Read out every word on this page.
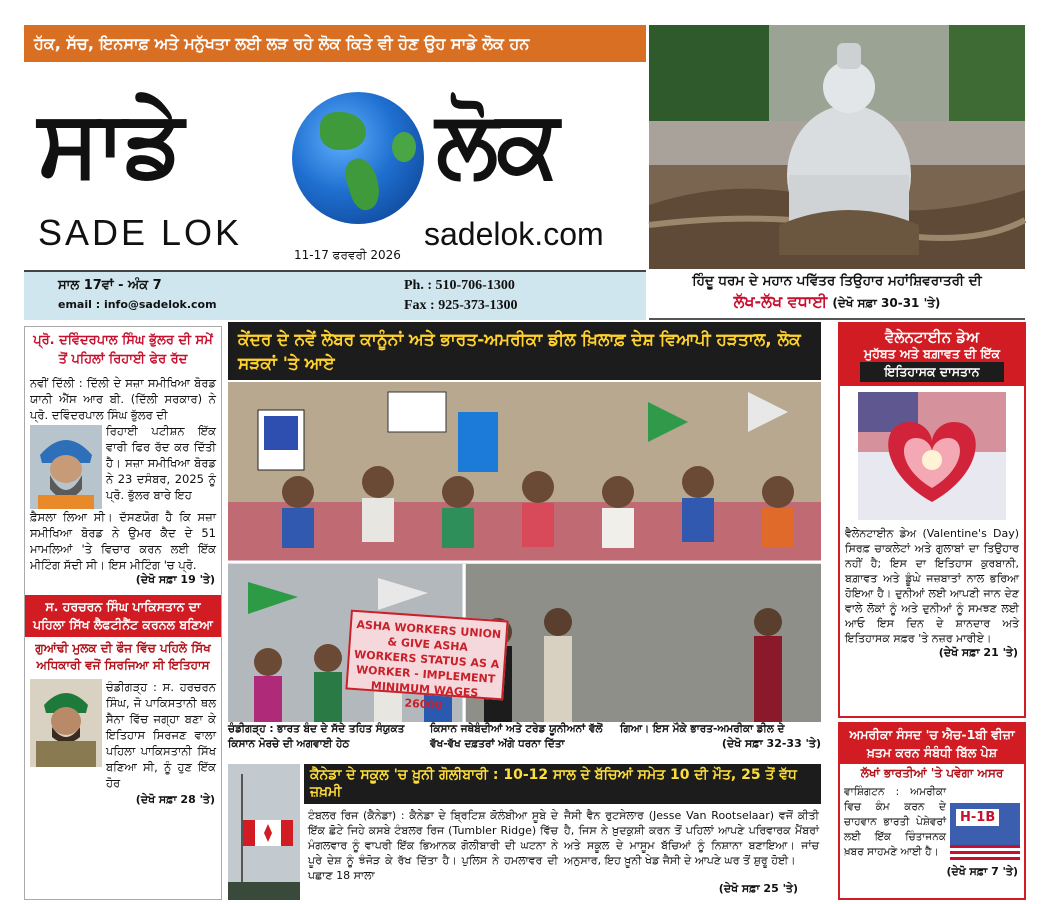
ਹੱਕ, ਸੱਚ, ਇਨਸਾਫ਼ ਅਤੇ ਮਨੁੱਖਤਾ ਲਈ ਲੜ ਰਹੇ ਲੋਕ ਕਿਤੇ ਵੀ ਹੋਣ ਉਹ ਸਾਡੇ ਲੋਕ ਹਨ
ਸਾਡੇ	ਲੋਕ
SADE LOK	sadelok.com
11-17 ਫਰਵਰੀ 2026
ਸਾਲ 17ਵਾਂ - ਅੰਕ 7
email : info@sadelok.com
Ph. : 510-706-1300
Fax : 925-373-1300
ਹਿੰਦੂ ਧਰਮ ਦੇ ਮਹਾਨ ਪਵਿੱਤਰ ਤਿਉਹਾਰ ਮਹਾਂਸ਼ਿਵਰਾਤਰੀ ਦੀ
ਲੱਖ-ਲੱਖ ਵਧਾਈ (ਦੇਖੋ ਸਫ਼ਾ 30-31 'ਤੇ)
ਪ੍ਰੋ. ਦਵਿੰਦਰਪਾਲ ਸਿੰਘ ਭੁੱਲਰ ਦੀ ਸਮੇਂ ਤੋਂ ਪਹਿਲਾਂ ਰਿਹਾਈ ਫੇਰ ਰੱਦ
ਨਵੀਂ ਦਿੱਲੀ : ਦਿੱਲੀ ਦੇ ਸਜ਼ਾ ਸਮੀਖਿਆ ਬੋਰਡ ਯਾਨੀ ਐੱਸ ਆਰ ਬੀ. (ਦਿੱਲੀ ਸਰਕਾਰ) ਨੇ ਪ੍ਰੋ. ਦਵਿੰਦਰਪਾਲ ਸਿੰਘ ਭੁੱਲਰ ਦੀ
ਰਿਹਾਈ ਪਟੀਸ਼ਨ ਇੱਕ ਵਾਰੀ ਫਿਰ ਰੱਦ ਕਰ ਦਿੱਤੀ ਹੈ। ਸਜ਼ਾ ਸਮੀਖਿਆ ਬੋਰਡ ਨੇ 23 ਦਸੰਬਰ, 2025 ਨੂੰ ਪ੍ਰੋ. ਭੁੱਲਰ ਬਾਰੇ ਇਹ
ਫ਼ੈਸਲਾ ਲਿਆ ਸੀ। ਦੱਸਣਯੋਗ ਹੈ ਕਿ ਸਜ਼ਾ ਸਮੀਖਿਆ ਬੋਰਡ ਨੇ ਉਮਰ ਕੈਦ ਦੇ 51 ਮਾਮਲਿਆਂ 'ਤੇ ਵਿਚਾਰ ਕਰਨ ਲਈ ਇੱਕ ਮੀਟਿੰਗ ਸੱਦੀ ਸੀ। ਇਸ ਮੀਟਿੰਗ 'ਚ ਪ੍ਰੋ.
(ਦੇਖੋ ਸਫ਼ਾ 19 'ਤੇ)
ਸ. ਹਰਚਰਨ ਸਿੰਘ ਪਾਕਿਸਤਾਨ ਦਾ ਪਹਿਲਾ ਸਿੱਖ ਲੈਫਟੀਨੈਂਟ ਕਰਨਲ ਬਣਿਆ
ਗੁਆਂਢੀ ਮੁਲਕ ਦੀ ਫੌਜ ਵਿੱਚ ਪਹਿਲੇ ਸਿੱਖ ਅਧਿਕਾਰੀ ਵਜੋਂ ਸਿਰਜਿਆ ਸੀ ਇਤਿਹਾਸ
ਚੰਡੀਗੜ੍ਹ : ਸ. ਹਰਚਰਨ ਸਿੰਘ, ਜੋ ਪਾਕਿਸਤਾਨੀ ਥਲ ਸੈਨਾ ਵਿੱਚ ਜਗ੍ਹਾ ਬਣਾ ਕੇ ਇਤਿਹਾਸ ਸਿਰਜਣ ਵਾਲਾ ਪਹਿਲਾ ਪਾਕਿਸਤਾਨੀ ਸਿੱਖ ਬਣਿਆ ਸੀ, ਨੂੰ ਹੁਣ ਇੱਕ ਹੋਰ
(ਦੇਖੋ ਸਫ਼ਾ 28 'ਤੇ)
ਕੇਂਦਰ ਦੇ ਨਵੇਂ ਲੇਬਰ ਕਾਨੂੰਨਾਂ ਅਤੇ ਭਾਰਤ-ਅਮਰੀਕਾ ਡੀਲ ਖ਼ਿਲਾਫ਼ ਦੇਸ਼ ਵਿਆਪੀ ਹੜਤਾਲ, ਲੋਕ ਸੜਕਾਂ 'ਤੇ ਆਏ
ASHA WORKERS UNION & GIVE ASHA WORKERS STATUS AS A WORKER - IMPLEMENT MINIMUM WAGES 26000
ਚੰਡੀਗੜ੍ਹ : ਭਾਰਤ ਬੰਦ ਦੇ ਸੱਦੇ ਤਹਿਤ ਸੰਯੁਕਤ ਕਿਸਾਨ ਮੋਰਚੇ ਦੀ ਅਗਵਾਈ ਹੇਠ
ਕਿਸਾਨ ਜਥੇਬੰਦੀਆਂ ਅਤੇ ਟਰੇਡ ਯੂਨੀਅਨਾਂ ਵੱਲੋਂ ਵੱਖ-ਵੱਖ ਦਫ਼ਤਰਾਂ ਅੱਗੇ ਧਰਨਾ ਦਿੱਤਾ
ਗਿਆ। ਇਸ ਮੌਕੇ ਭਾਰਤ-ਅਮਰੀਕਾ ਡੀਲ ਦੇ
(ਦੇਖੋ ਸਫ਼ਾ 32-33 'ਤੇ)
ਕੈਨੇਡਾ ਦੇ ਸਕੂਲ 'ਚ ਖ਼ੂਨੀ ਗੋਲੀਬਾਰੀ : 10-12 ਸਾਲ ਦੇ ਬੱਚਿਆਂ ਸਮੇਤ 10 ਦੀ ਮੌਤ, 25 ਤੋਂ ਵੱਧ ਜ਼ਖ਼ਮੀ
ਟੰਬਲਰ ਰਿਜ (ਕੈਨੇਡਾ) : ਕੈਨੇਡਾ ਦੇ ਬ੍ਰਿਟਿਸ਼ ਕੋਲੰਬੀਆ ਸੂਬੇ ਦੇ ਇੱਕ ਛੋਟੇ ਜਿਹੇ ਕਸਬੇ ਟੰਬਲਰ ਰਿਜ (Tumbler Ridge) ਵਿੱਚ ਮੰਗਲਵਾਰ ਨੂੰ ਵਾਪਰੀ ਇੱਕ ਭਿਆਨਕ ਗੋਲੀਬਾਰੀ ਦੀ ਘਟਨਾ ਨੇ ਪੂਰੇ ਦੇਸ਼ ਨੂੰ ਝੰਜੋੜ ਕੇ ਰੱਖ ਦਿੱਤਾ ਹੈ। ਪੁਲਿਸ ਨੇ ਹਮਲਾਵਰ ਦੀ ਪਛਾਣ 18 ਸਾਲਾ
ਜੈਸੀ ਵੈਨ ਰੁਟਸੇਲਾਰ (Jesse Van Rootselaar) ਵਜੋਂ ਕੀਤੀ ਹੈ, ਜਿਸ ਨੇ ਖ਼ੁਦਕੁਸ਼ੀ ਕਰਨ ਤੋਂ ਪਹਿਲਾਂ ਆਪਣੇ ਪਰਿਵਾਰਕ ਮੈਂਬਰਾਂ ਅਤੇ ਸਕੂਲ ਦੇ ਮਾਸੂਮ ਬੱਚਿਆਂ ਨੂੰ ਨਿਸ਼ਾਨਾ ਬਣਾਇਆ। ਜਾਂਚ ਅਨੁਸਾਰ, ਇਹ ਖ਼ੂਨੀ ਖੇਡ ਜੈਸੀ ਦੇ ਆਪਣੇ ਘਰ ਤੋਂ ਸ਼ੁਰੂ ਹੋਈ।
(ਦੇਖੋ ਸਫ਼ਾ 25 'ਤੇ)
ਵੈਲੇਨਟਾਈਨ ਡੇਅ
ਮੁਹੱਬਤ ਅਤੇ ਬਗ਼ਾਵਤ ਦੀ ਇੱਕ
ਇਤਿਹਾਸਕ ਦਾਸਤਾਨ
ਵੈਲੇਨਟਾਈਨ ਡੇਅ (Valentine's Day) ਸਿਰਫ਼ ਚਾਕਲੇਟਾਂ ਅਤੇ ਗੁਲਾਬਾਂ ਦਾ ਤਿਉਹਾਰ ਨਹੀਂ ਹੈ; ਇਸ ਦਾ ਇਤਿਹਾਸ ਕੁਰਬਾਨੀ, ਬਗ਼ਾਵਤ ਅਤੇ ਡੂੰਘੇ ਜਜ਼ਬਾਤਾਂ ਨਾਲ ਭਰਿਆ ਹੋਇਆ ਹੈ। ਦੁਨੀਆਂ ਲਈ ਆਪਣੀ ਜਾਨ ਦੇਣ ਵਾਲੇ ਲੋਕਾਂ ਨੂੰ ਅਤੇ ਦੁਨੀਆਂ ਨੂੰ ਸਮਝਣ ਲਈ ਆਓ ਇਸ ਦਿਨ ਦੇ ਸ਼ਾਨਦਾਰ ਅਤੇ ਇਤਿਹਾਸਕ ਸਫ਼ਰ 'ਤੇ ਨਜ਼ਰ ਮਾਰੀਏ।
(ਦੇਖੋ ਸਫ਼ਾ 21 'ਤੇ)
ਅਮਰੀਕਾ ਸੰਸਦ 'ਚ ਐਚ-1ਬੀ ਵੀਜ਼ਾ ਖ਼ਤਮ ਕਰਨ ਸੰਬੰਧੀ ਬਿੱਲ ਪੇਸ਼
ਲੱਖਾਂ ਭਾਰਤੀਆਂ 'ਤੇ ਪਵੇਗਾ ਅਸਰ
ਵਾਸ਼ਿੰਗਟਨ : ਅਮਰੀਕਾ ਵਿਚ ਕੰਮ ਕਰਨ ਦੇ ਚਾਹਵਾਨ ਭਾਰਤੀ ਪੇਸ਼ੇਵਰਾਂ ਲਈ ਇੱਕ ਚਿੰਤਾਜਨਕ ਖ਼ਬਰ ਸਾਹਮਣੇ ਆਈ ਹੈ।
H-1B
(ਦੇਖੋ ਸਫ਼ਾ 7 'ਤੇ)
